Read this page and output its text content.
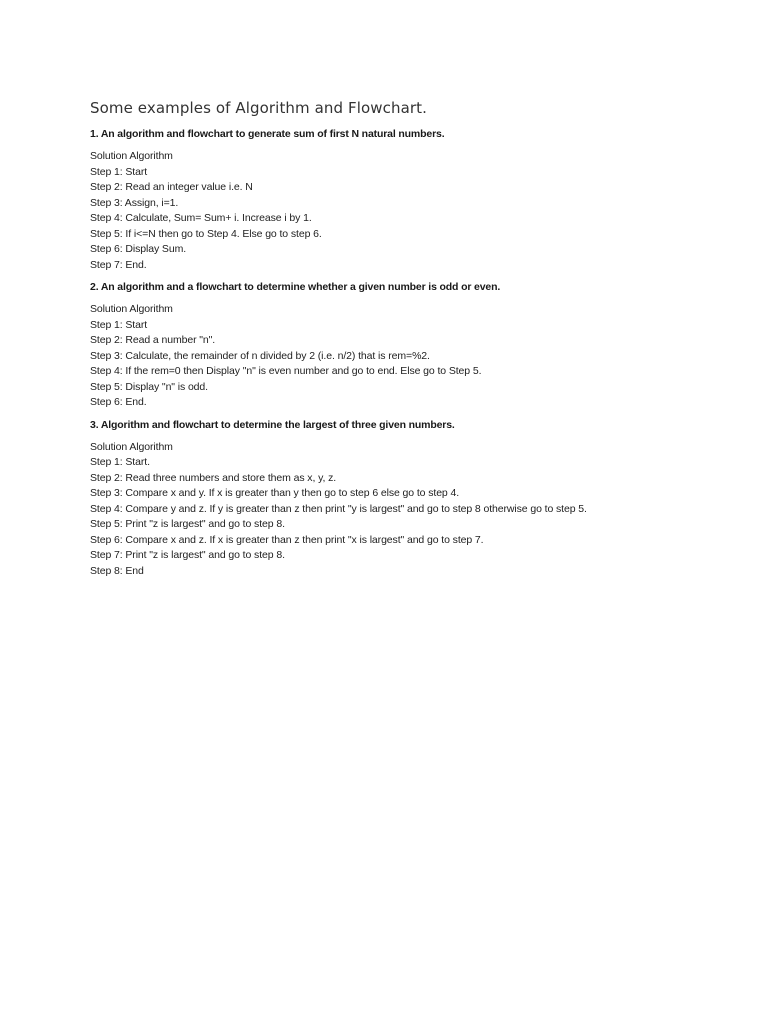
Some examples of Algorithm and Flowchart.
1. An algorithm and flowchart to generate sum of first N natural numbers.
Solution Algorithm
Step 1: Start
Step 2: Read an integer value i.e. N
Step 3: Assign, i=1.
Step 4: Calculate, Sum= Sum+ i. Increase i by 1.
Step 5: If i<=N then go to Step 4. Else go to step 6.
Step 6: Display Sum.
Step 7: End.
2. An algorithm and a flowchart to determine whether a given number is odd or even.
Solution Algorithm
Step 1: Start
Step 2: Read a number "n".
Step 3: Calculate, the remainder of n divided by 2 (i.e. n/2) that is rem=%2.
Step 4: If the rem=0 then Display "n" is even number and go to end. Else go to Step 5.
Step 5: Display "n" is odd.
Step 6: End.
3. Algorithm and flowchart to determine the largest of three given numbers.
Solution Algorithm
Step 1: Start.
Step 2: Read three numbers and store them as x, y, z.
Step 3: Compare x and y. If x is greater than y then go to step 6 else go to step 4.
Step 4: Compare y and z. If y is greater than z then print "y is largest" and go to step 8 otherwise go to step 5.
Step 5: Print "z is largest" and go to step 8.
Step 6: Compare x and z. If x is greater than z then print "x is largest" and go to step 7.
Step 7: Print "z is largest" and go to step 8.
Step 8: End
